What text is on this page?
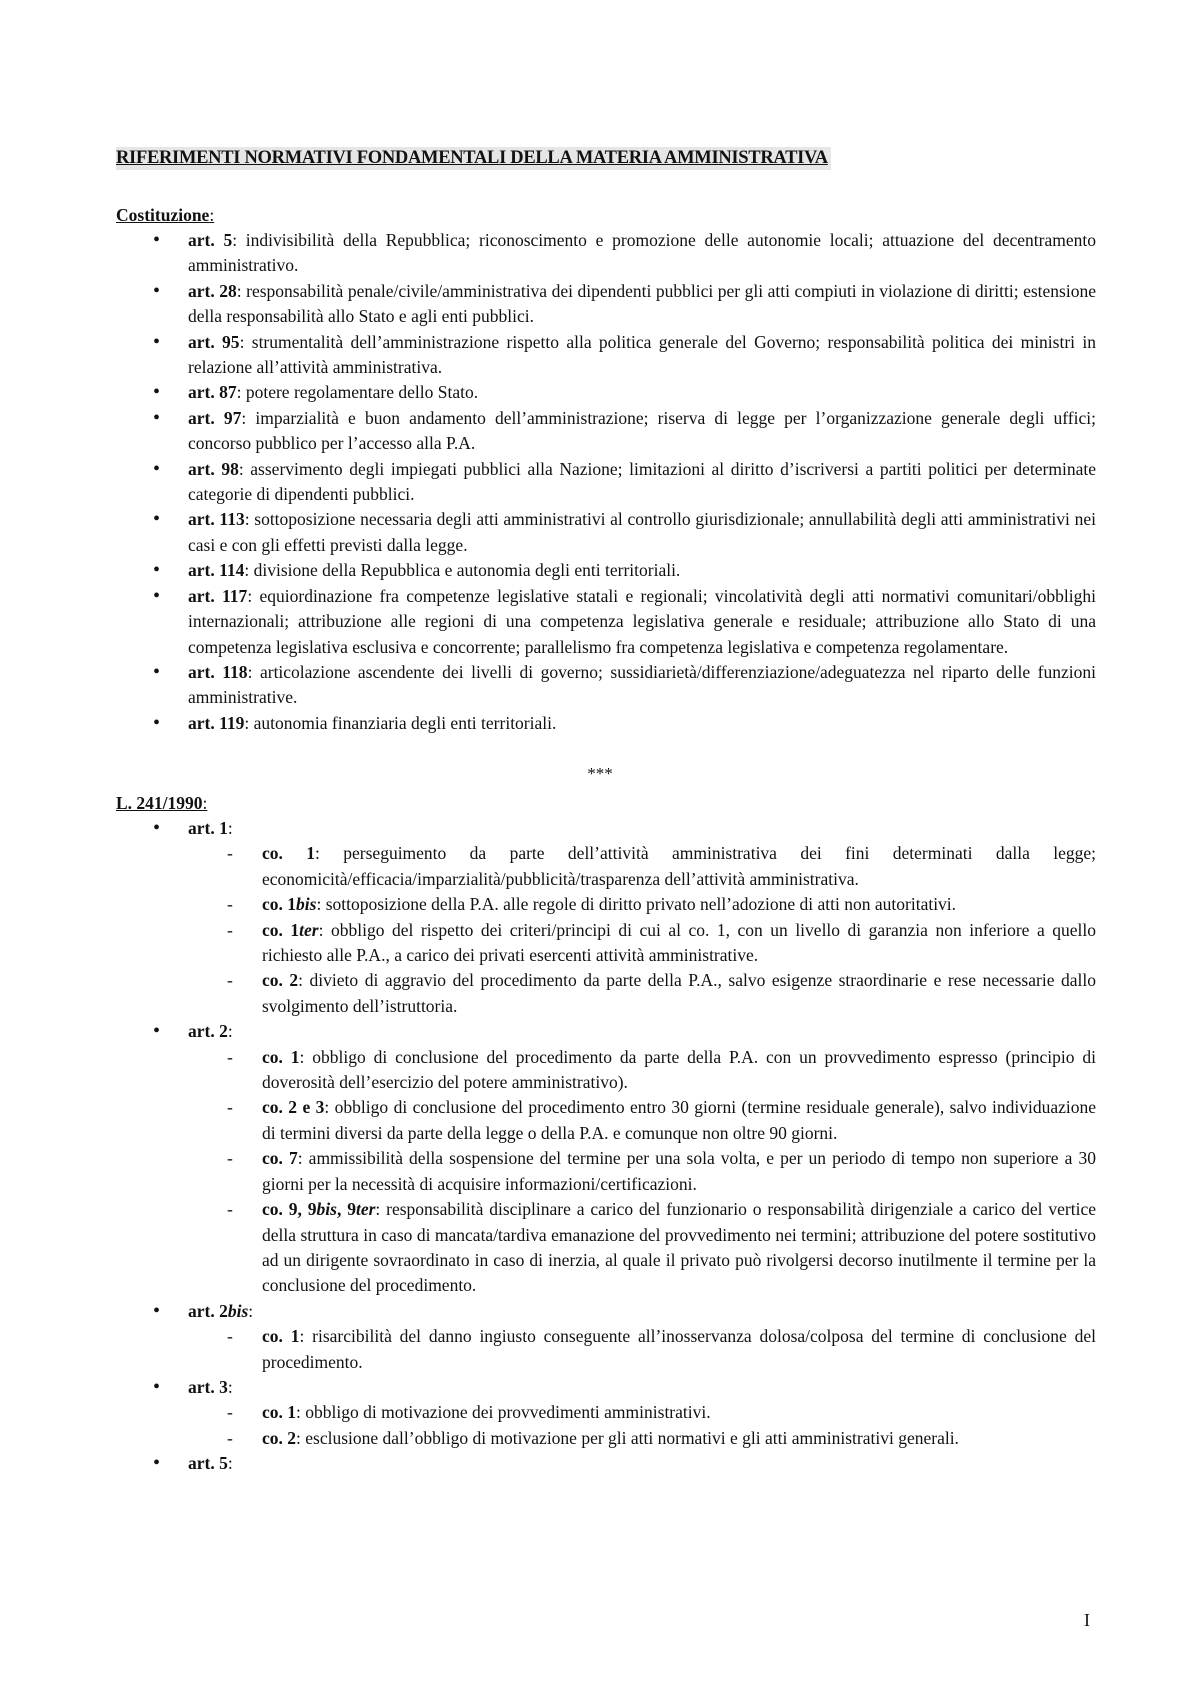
RIFERIMENTI NORMATIVI FONDAMENTALI DELLA MATERIA AMMINISTRATIVA

Costituzione:

• art. 5: indivisibilità della Repubblica; riconoscimento e promozione delle autonomie locali; attuazione del decentramento amministrativo.
• art. 28: responsabilità penale/civile/amministrativa dei dipendenti pubblici per gli atti compiuti in violazione di diritti; estensione della responsabilità allo Stato e agli enti pubblici.
• art. 95: strumentalità dell’amministrazione rispetto alla politica generale del Governo; responsabilità politica dei ministri in relazione all’attività amministrativa.
• art. 87: potere regolamentare dello Stato.
• art. 97: imparzialità e buon andamento dell’amministrazione; riserva di legge per l’organizzazione generale degli uffici; concorso pubblico per l’accesso alla P.A.
• art. 98: asservimento degli impiegati pubblici alla Nazione; limitazioni al diritto d’iscriversi a partiti politici per determinate categorie di dipendenti pubblici.
• art. 113: sottoposizione necessaria degli atti amministrativi al controllo giurisdizionale; annullabilità degli atti amministrativi nei casi e con gli effetti previsti dalla legge.
• art. 114: divisione della Repubblica e autonomia degli enti territoriali.
• art. 117: equiordinazione fra competenze legislative statali e regionali; vincolatività degli atti normativi comunitari/obblighi internazionali; attribuzione alle regioni di una competenza legislativa generale e residuale; attribuzione allo Stato di una competenza legislativa esclusiva e concorrente; parallelismo fra competenza legislativa e competenza regolamentare.
• art. 118: articolazione ascendente dei livelli di governo; sussidiarietà/differenziazione/adeguatezza nel riparto delle funzioni amministrative.
• art. 119: autonomia finanziaria degli enti territoriali.
***

L. 241/1990:

• art. 1:
- co. 1: perseguimento da parte dell’attività amministrativa dei fini determinati dalla legge; economicità/efficacia/imparzialità/pubblicità/trasparenza dell’attività amministrativa.
- co. 1bis: sottoposizione della P.A. alle regole di diritto privato nell’adozione di atti non autoritativi.
- co. 1ter: obbligo del rispetto dei criteri/principi di cui al co. 1, con un livello di garanzia non inferiore a quello richiesto alle P.A., a carico dei privati esercenti attività amministrative.
- co. 2: divieto di aggravio del procedimento da parte della P.A., salvo esigenze straordinarie e rese necessarie dallo svolgimento dell’istruttoria.
• art. 2:
- co. 1: obbligo di conclusione del procedimento da parte della P.A. con un provvedimento espresso (principio di doverosità dell’esercizio del potere amministrativo).
- co. 2 e 3: obbligo di conclusione del procedimento entro 30 giorni (termine residuale generale), salvo individuazione di termini diversi da parte della legge o della P.A. e comunque non oltre 90 giorni.
- co. 7: ammissibilità della sospensione del termine per una sola volta, e per un periodo di tempo non superiore a 30 giorni per la necessità di acquisire informazioni/certificazioni.
- co. 9, 9bis, 9ter: responsabilità disciplinare a carico del funzionario o responsabilità dirigenziale a carico del vertice della struttura in caso di mancata/tardiva emanazione del provvedimento nei termini; attribuzione del potere sostitutivo ad un dirigente sovraordinato in caso di inerzia, al quale il privato può rivolgersi decorso inutilmente il termine per la conclusione del procedimento.
• art. 2bis:
- co. 1: risarcibilità del danno ingiusto conseguente all’inosservanza dolosa/colposa del termine di conclusione del procedimento.
• art. 3:
- co. 1: obbligo di motivazione dei provvedimenti amministrativi.
- co. 2: esclusione dall’obbligo di motivazione per gli atti normativi e gli atti amministrativi generali.
• art. 5:
I
